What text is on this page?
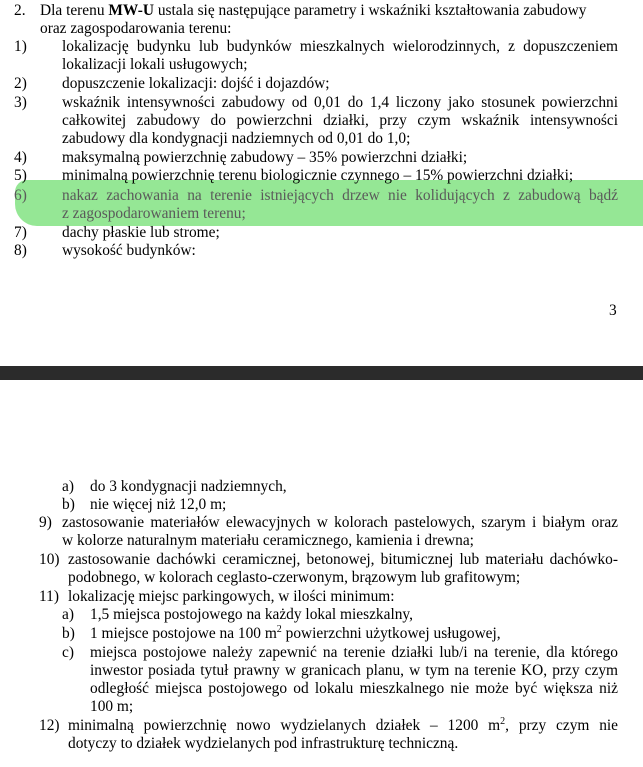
2. Dla terenu MW-U ustala się następujące parametry i wskaźniki kształtowania zabudowy
oraz zagospodarowania terenu:
1) lokalizację budynku lub budynków mieszkalnych wielorodzinnych, z dopuszczeniem
lokalizacji lokali usługowych;
2) dopuszczenie lokalizacji: dojść i dojazdów;
3) wskaźnik intensywności zabudowy od 0,01 do 1,4 liczony jako stosunek powierzchni
całkowitej zabudowy do powierzchni działki, przy czym wskaźnik intensywności
zabudowy dla kondygnacji nadziemnych od 0,01 do 1,0;
4) maksymalną powierzchnię zabudowy – 35% powierzchni działki;
5) minimalną powierzchnię terenu biologicznie czynnego – 15% powierzchni działki;
6) nakaz zachowania na terenie istniejących drzew nie kolidujących z zabudową bądź
z zagospodarowaniem terenu;
7) dachy płaskie lub strome;
8) wysokość budynków:
3
a) do 3 kondygnacji nadziemnych,
b) nie więcej niż 12,0 m;
9) zastosowanie materiałów elewacyjnych w kolorach pastelowych, szarym i białym oraz
w kolorze naturalnym materiału ceramicznego, kamienia i drewna;
10) zastosowanie dachówki ceramicznej, betonowej, bitumicznej lub materiału dachówko-
podobnego, w kolorach ceglasto-czerwonym, brązowym lub grafitowym;
11) lokalizację miejsc parkingowych, w ilości minimum:
a) 1,5 miejsca postojowego na każdy lokal mieszkalny,
b) 1 miejsce postojowe na 100 $m^2$ powierzchni użytkowej usługowej,
c) miejsca postojowe należy zapewnić na terenie działki lub/i na terenie, dla którego
inwestor posiada tytuł prawny w granicach planu, w tym na terenie KO, przy czym
odległość miejsca postojowego od lokalu mieszkalnego nie może być większa niż
100 m;
12) minimalną powierzchnię nowo wydzielanych działek – 1200 $m^2$, przy czym nie
dotyczy to działek wydzielanych pod infrastrukturę techniczną.
